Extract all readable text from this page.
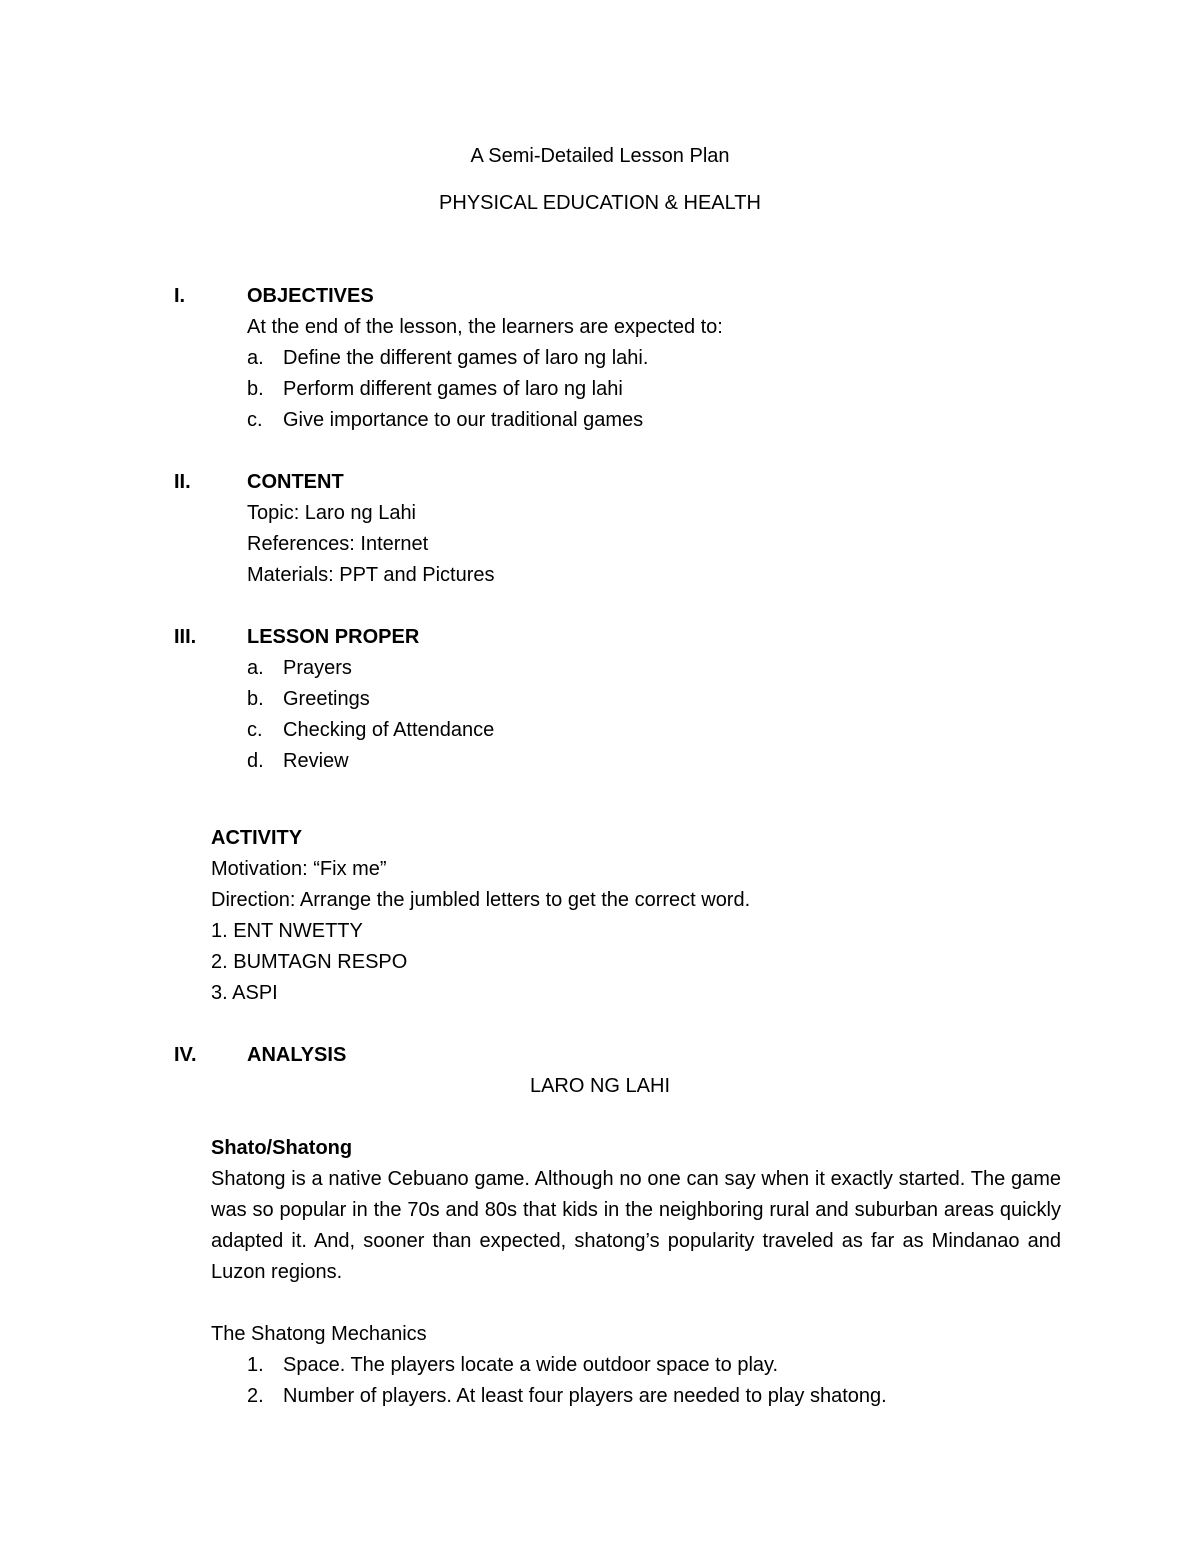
A Semi-Detailed Lesson Plan
PHYSICAL EDUCATION & HEALTH
I.	OBJECTIVES
At the end of the lesson, the learners are expected to:
a. Define the different games of laro ng lahi.
b. Perform different games of laro ng lahi
c. Give importance to our traditional games
II.	CONTENT
Topic: Laro ng Lahi
References: Internet
Materials: PPT and Pictures
III.	LESSON PROPER
a. Prayers
b. Greetings
c. Checking of Attendance
d. Review
ACTIVITY
Motivation: “Fix me”
Direction: Arrange the jumbled letters to get the correct word.
1. ENT NWETTY
2. BUMTAGN RESPO
3. ASPI
IV.	ANALYSIS
LARO NG LAHI
Shato/Shatong
Shatong is a native Cebuano game. Although no one can say when it exactly started. The game was so popular in the 70s and 80s that kids in the neighboring rural and suburban areas quickly adapted it. And, sooner than expected, shatong’s popularity traveled as far as Mindanao and Luzon regions.
The Shatong Mechanics
1. Space. The players locate a wide outdoor space to play.
2. Number of players. At least four players are needed to play shatong.
